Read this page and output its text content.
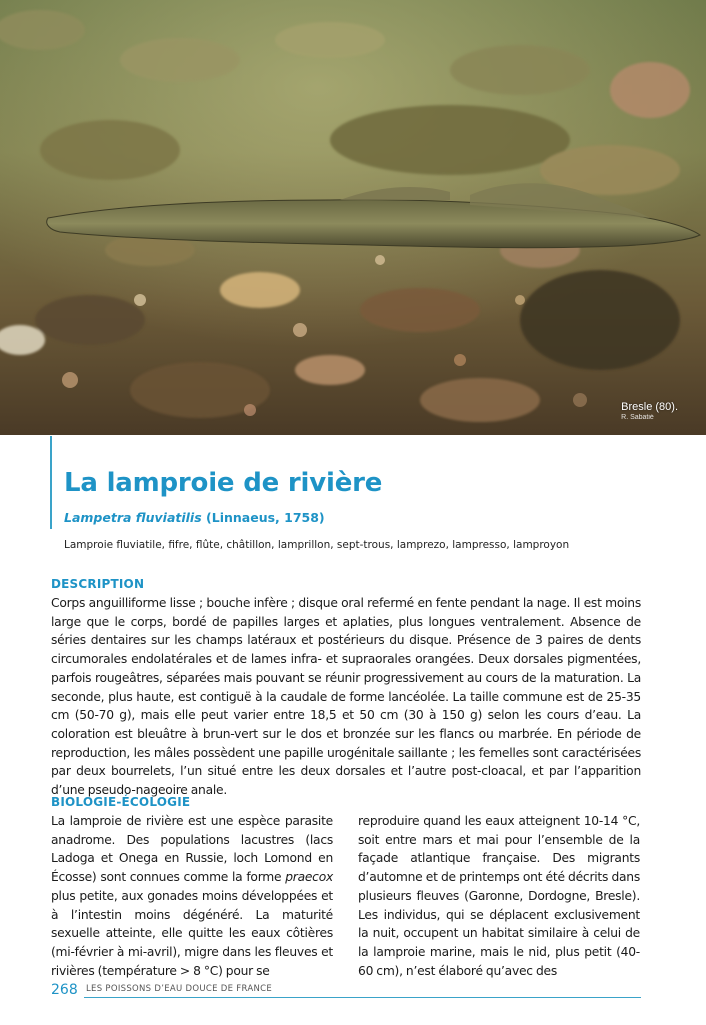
Bresle (80).
R. Sabatié
La lamproie de rivière
Lampetra fluviatilis (Linnaeus, 1758)
Lamproie fluviatile, fifre, flûte, châtillon, lamprillon, sept-trous, lamprezo, lampresso, lamproyon
DESCRIPTION
Corps anguilliforme lisse ; bouche infère ; disque oral refermé en fente pendant la nage. Il est moins large que le corps, bordé de papilles larges et aplaties, plus longues ventralement. Absence de séries dentaires sur les champs latéraux et postérieurs du disque. Présence de 3 paires de dents circumorales endolatérales et de lames infra- et supraorales orangées. Deux dorsales pigmentées, parfois rougeâtres, séparées mais pouvant se réunir progressivement au cours de la maturation. La seconde, plus haute, est contiguë à la caudale de forme lancéolée. La taille commune est de 25-35 cm (50-70 g), mais elle peut varier entre 18,5 et 50 cm (30 à 150 g) selon les cours d’eau. La coloration est bleuâtre à brun-vert sur le dos et bronzée sur les flancs ou marbrée. En période de reproduction, les mâles possèdent une papille urogénitale saillante ; les femelles sont caractérisées par deux bourrelets, l’un situé entre les deux dorsales et l’autre post-cloacal, et par l’apparition d’une pseudo-nageoire anale.
BIOLOGIE-ÉCOLOGIE
La lamproie de rivière est une espèce parasite anadrome. Des populations lacustres (lacs Ladoga et Onega en Russie, loch Lomond en Écosse) sont connues comme la forme praecox plus petite, aux gonades moins développées et à l’intestin moins dégénéré. La maturité sexuelle atteinte, elle quitte les eaux côtières (mi-février à mi-avril), migre dans les fleuves et rivières (température > 8 °C) pour se
reproduire quand les eaux atteignent 10-14 °C, soit entre mars et mai pour l’ensemble de la façade atlantique française. Des migrants d’automne et de printemps ont été décrits dans plusieurs fleuves (Garonne, Dordogne, Bresle). Les individus, qui se déplacent exclusivement la nuit, occupent un habitat similaire à celui de la lamproie marine, mais le nid, plus petit (40-60 cm), n’est élaboré qu’avec des
268 LES POISSONS D’EAU DOUCE DE FRANCE
